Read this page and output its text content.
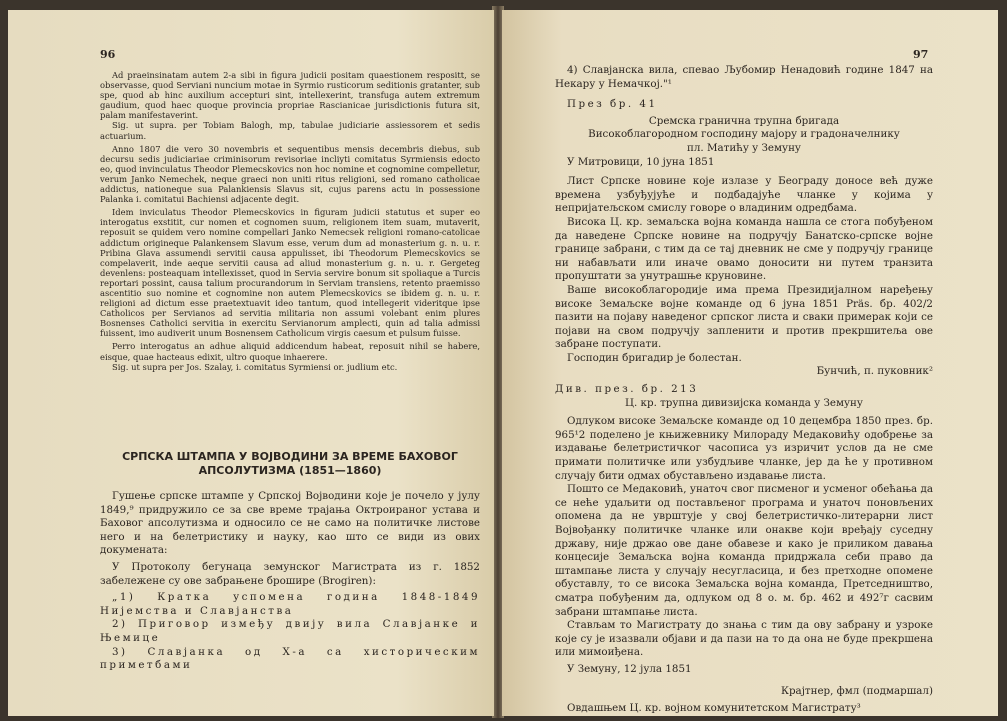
96

Ad praeinsinatam autem 2-a sibi in figura judicii positam quaestionem respositt, se observasse, quod Serviani nuncium motae in Syrmio rusticorum seditionis gratanter, sub spe, quod ab hinc auxilium accepturi sint, intellexerint, transfuga autem extremum gaudium, quod haec quoque provincia propriae Rascianicae jurisdictionis futura sit, palam manifestaverint.

Sig. ut supra. per Tobiam Balogh, mp, tabulae judiciarie assiessorem et sedis actuarium.

Anno 1807 die vero 30 novembris et sequentibus mensis decembris diebus, sub decursu sedis judiciariae criminisorum revisoriae incliyti comitatus Syrmiensis edocto eo, quod invinculatus Theodor Plemecskovics non hoc nomine et cognomine compelletur, verum Janko Nemechek, neque graeci non uniti ritus religioni, sed romano catholicae addictus, nationeque sua Palankiensis Slavus sit, cujus parens actu in possessione Palanka i. comitatui Bachiensi adjacente degit.

Idem inviculatus Theodor Plemecskovics in figuram judicii statutus et super eo interogatus exstitit, cur nomen et cognomen suum, religionem item suam, mutaverit, reposuit se quidem vero nomine compellari Janko Nemecsek religioni romano-catolicae addictum origineque Palankensem Slavum esse, verum dum ad monasterium g. n. u. r. Pribina Glava assumendi servitii causa appulisset, ibi Theodorum Plemecskovics se compelaverit, inde aeque servitii causa ad aliud monasterium g. n. u. r. Gergeteg devenlens: posteaquam intellexisset, quod in Servia servire bonum sit spoliaque a Turcis reportari possint, causa talium procurandorum in Serviam transiens, retento praemisso ascentitio suo nomine et cognomine non autem Plemecskovics se ibidem g. n. u. r. religioni ad dictum esse praetextuavit ideo tantum, quod intellegerit videritque ipse Catholicos per Servianos ad servitia militaria non assumi volebant enim plures Bosnenses Catholici servitia in exercitu Servianorum amplecti, quin ad talia admissi fuissent, imo audiverit unum Bosnensem Catholicum virgis caesum et pulsum fuisse.

Perro interogatus an adhue aliquid addicendum habeat, reposuit nihil se habere, eisque, quae hacteaus edixit, ultro quoque inhaerere.

Sig. ut supra per Jos. Szalay, i. comitatus Syrmiensi or. judlium etc.

СРПСКА ШТАМПА У ВОЈВОДИНИ ЗА ВРЕМЕ БАХОВОГ

АПСОЛУТИЗМА (1851—1860)

Гушење српске штампе у Српској Војводини које је почело у јулу 1849,⁹ придружило се за све време трајања Октроираног устава и Баховог апсолутизма и односило се не само на политичке листове него и на белетристику и науку, као што се види из ових докумената:

У Протоколу бегунаца земунског Магистрата из г. 1852 забележене су ове забрањене брошире (Brogiren):

„1) Кратка успомена година 1848-1849 Нијемства и Славјанства

2) Приговор између двију вила Славјанке и Њемице

3) Славјанка од Х-а са хисторическим приметбами

97

4) Славјанска вила, спевао Љубомир Ненадовић године 1847 на Некару у Немачкој."¹

През бр. 41

Сремска гранична трупна бригада

Високоблагородном господину мајору и градоначелнику

пл. Матићу у Земуну

У Митровици, 10 јуна 1851

Лист Српске новине које излазе у Београду доносе већ дуже времена узбуђујуће и подбадајуће чланке у којима у непријатељском смислу говоре о владиним одредбама.

Висока Ц. кр. земаљска војна команда нашла се стога побуђеном да наведене Српске новине на подручју Банатско-српске војне границе забрани, с тим да се тај дневник не сме у подручју границе ни набављати или иначе овамо доносити ни путем транзита пропуштати за унутрашње круновине.

Ваше високоблагородије има према Президијалном наређењу високе Земаљске војне команде од 6 јуна 1851 Präs. бр. 402/2 пазити на појаву наведеног српског листа и сваки примерак који се појави на свом подручју запленити и против прекршитеља ове забране поступати.

Господин бригадир је болестан.

Бунчић, п. пуковник²

Див. през. бр. 213

Ц. кр. трупна дивизијска команда у Земуну

Одлуком високе Земаљске команде од 10 децембра 1850 през. бр. 965¹2 поделено је књижевнику Милораду Медаковићу одобрење за издавање белетристичког часописа уз изричит услов да не сме примати политичке или узбудљиве чланке, јер да ће у противном случају бити одмах обустављено издавање листа.

Пошто се Медаковић, унаточ свог писменог и усменог обећања да се неће удаљити од постављеног програма и унаточ поновљених опомена да не уврштује у свој белетристичко-литерарни лист Војвођанку политичке чланке или онакве који вређају суседну државу, није држао ове дане обавезе и како је приликом давања концесије Земаљска војна команда придржала себи право да штампање листа у случају несугласица, и без претходне опомене обуставлу, то се висока Земаљска војна команда, Претседништво, сматра побуђеним да, одлуком од 8 о. м. бр. 462 и 492⁷г сасвим забрани штампање листа.

Стављам то Магистрату до знања с тим да ову забрану и узроке које су је изазвали објави и да пази на то да она не буде прекршена или мимоиђена.

У Земуну, 12 јула 1851

Крајтнер, фмл (подмаршал)

Овдашњем Ц. кр. војном комунитетском Магистрату³
